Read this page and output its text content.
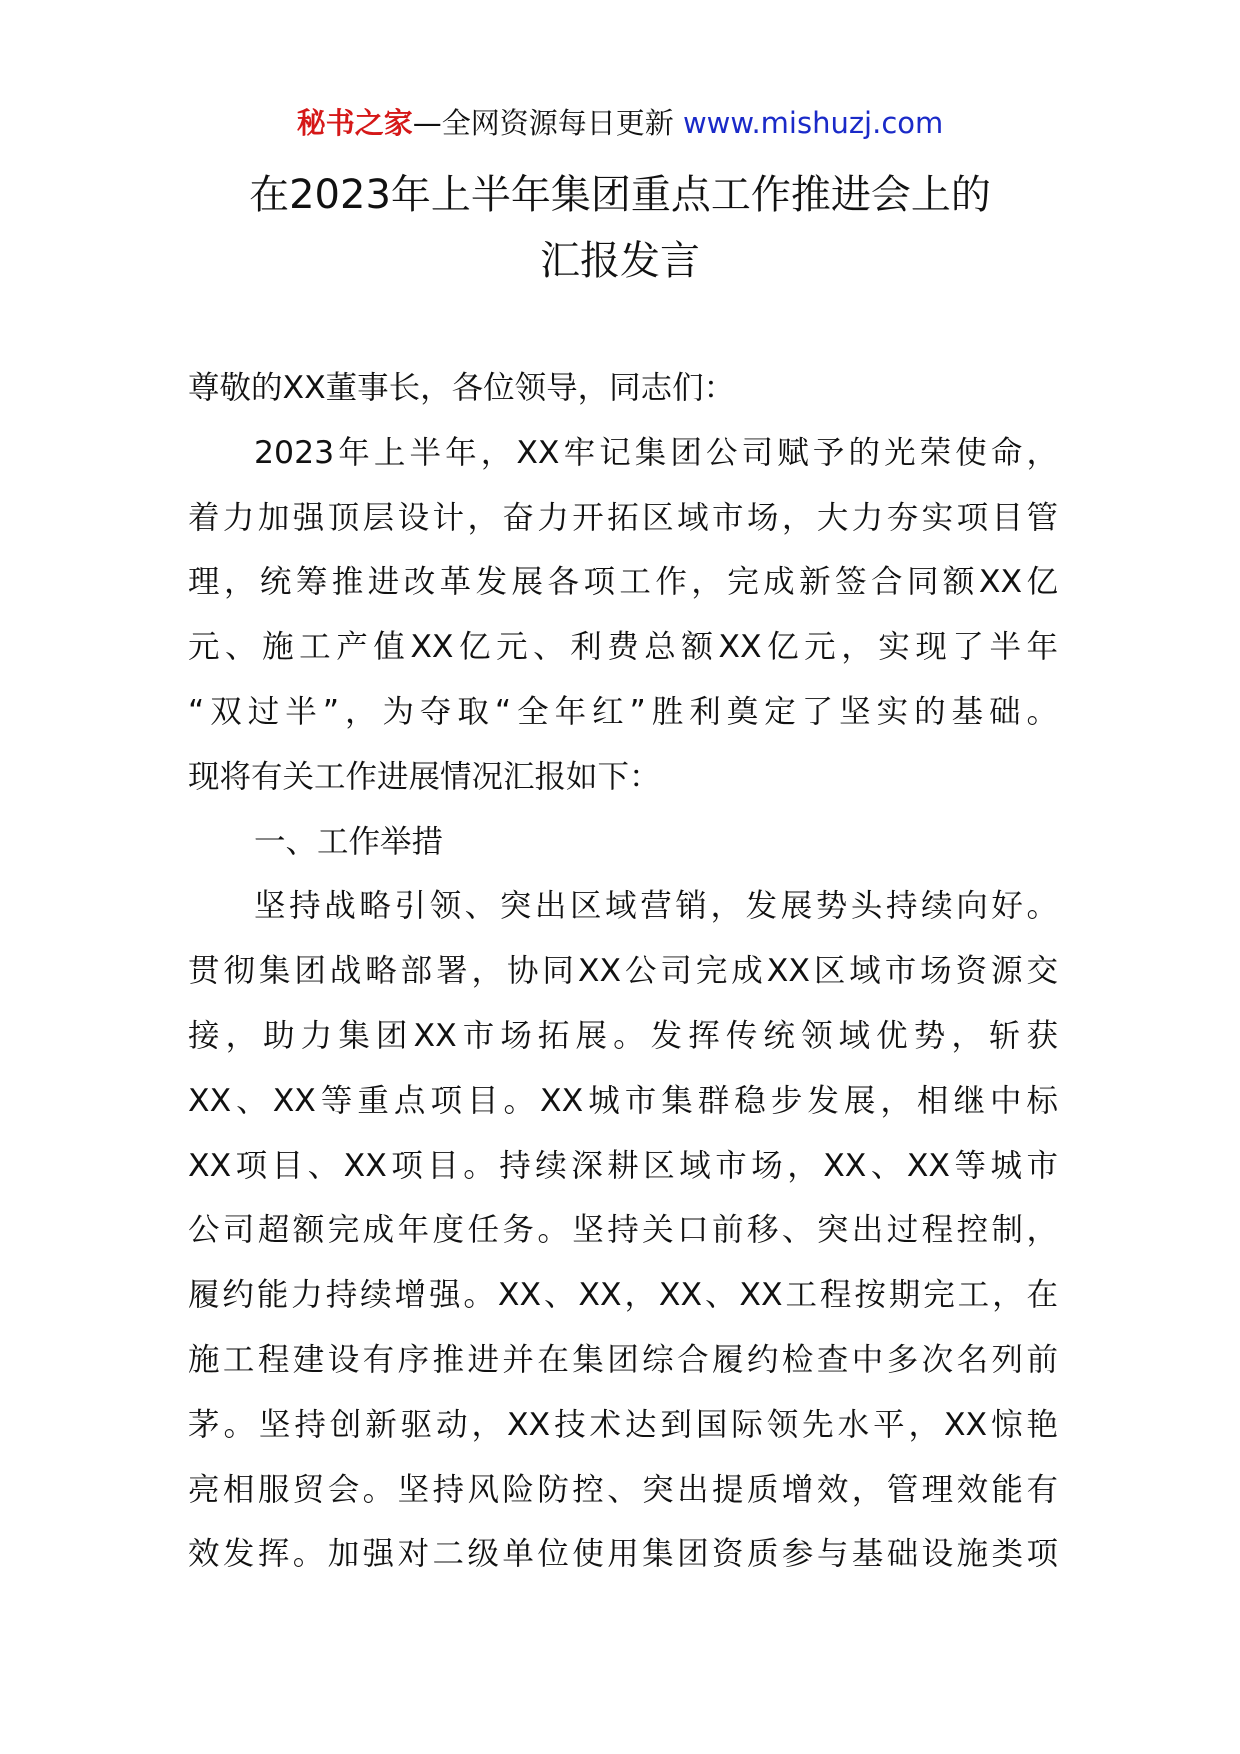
秘书之家—全网资源每日更新 www.mishuzj.com
在2023年上半年集团重点工作推进会上的
汇报发言
尊敬的XX董事长，各位领导，同志们：
2023年上半年，XX牢记集团公司赋予的光荣使命，
着力加强顶层设计，奋力开拓区域市场，大力夯实项目管
理，统筹推进改革发展各项工作，完成新签合同额XX亿
元、施工产值XX亿元、利费总额XX亿元，实现了半年
“双过半”，为夺取“全年红”胜利奠定了坚实的基础。
现将有关工作进展情况汇报如下：
一、工作举措
坚持战略引领、突出区域营销，发展势头持续向好。
贯彻集团战略部署，协同XX公司完成XX区域市场资源交
接，助力集团XX市场拓展。发挥传统领域优势，斩获
XX、XX等重点项目。XX城市集群稳步发展，相继中标
XX项目、XX项目。持续深耕区域市场，XX、XX等城市
公司超额完成年度任务。坚持关口前移、突出过程控制，
履约能力持续增强。XX、XX，XX、XX工程按期完工，在
施工程建设有序推进并在集团综合履约检查中多次名列前
茅。坚持创新驱动，XX技术达到国际领先水平，XX惊艳
亮相服贸会。坚持风险防控、突出提质增效，管理效能有
效发挥。加强对二级单位使用集团资质参与基础设施类项
